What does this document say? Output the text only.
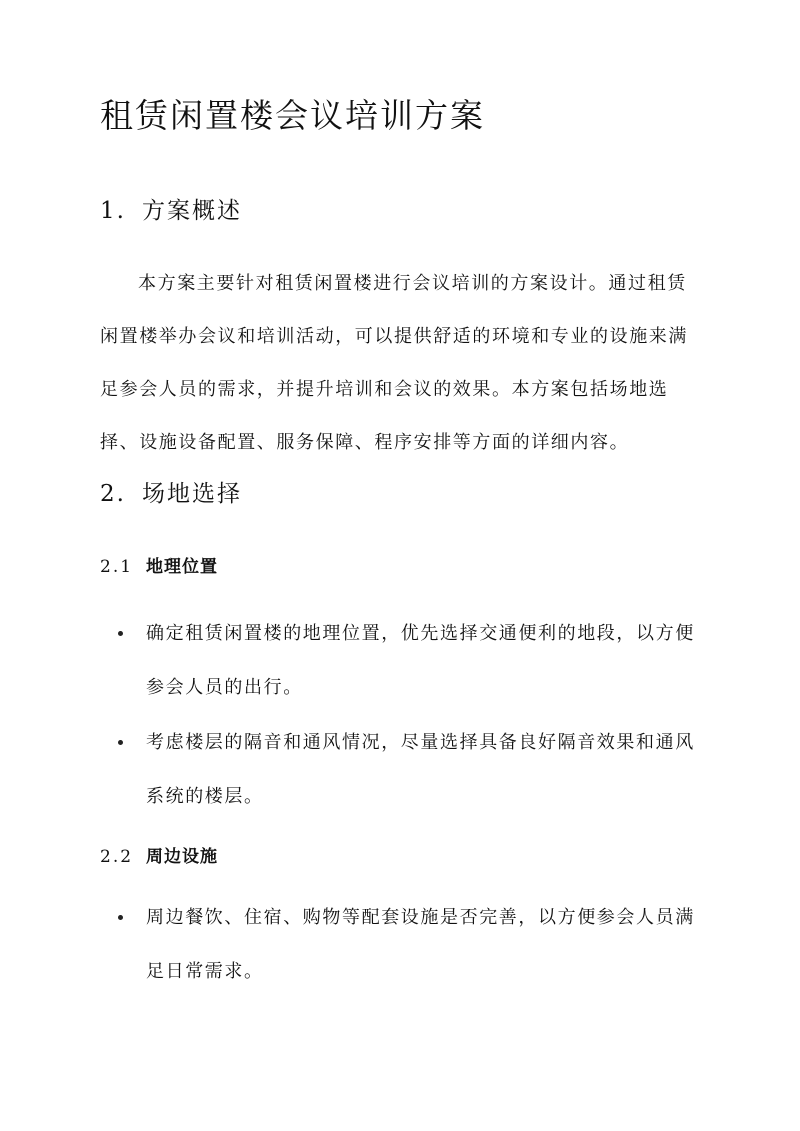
租赁闲置楼会议培训方案
1. 方案概述

本方案主要针对租赁闲置楼进行会议培训的方案设计。通过租赁闲置楼举办会议和培训活动，可以提供舒适的环境和专业的设施来满足参会人员的需求，并提升培训和会议的效果。本方案包括场地选择、设施设备配置、服务保障、程序安排等方面的详细内容。

2. 场地选择
2.1 地理位置
确定租赁闲置楼的地理位置，优先选择交通便利的地段，以方便参会人员的出行。
考虑楼层的隔音和通风情况，尽量选择具备良好隔音效果和通风系统的楼层。
2.2 周边设施
周边餐饮、住宿、购物等配套设施是否完善，以方便参会人员满足日常需求。
